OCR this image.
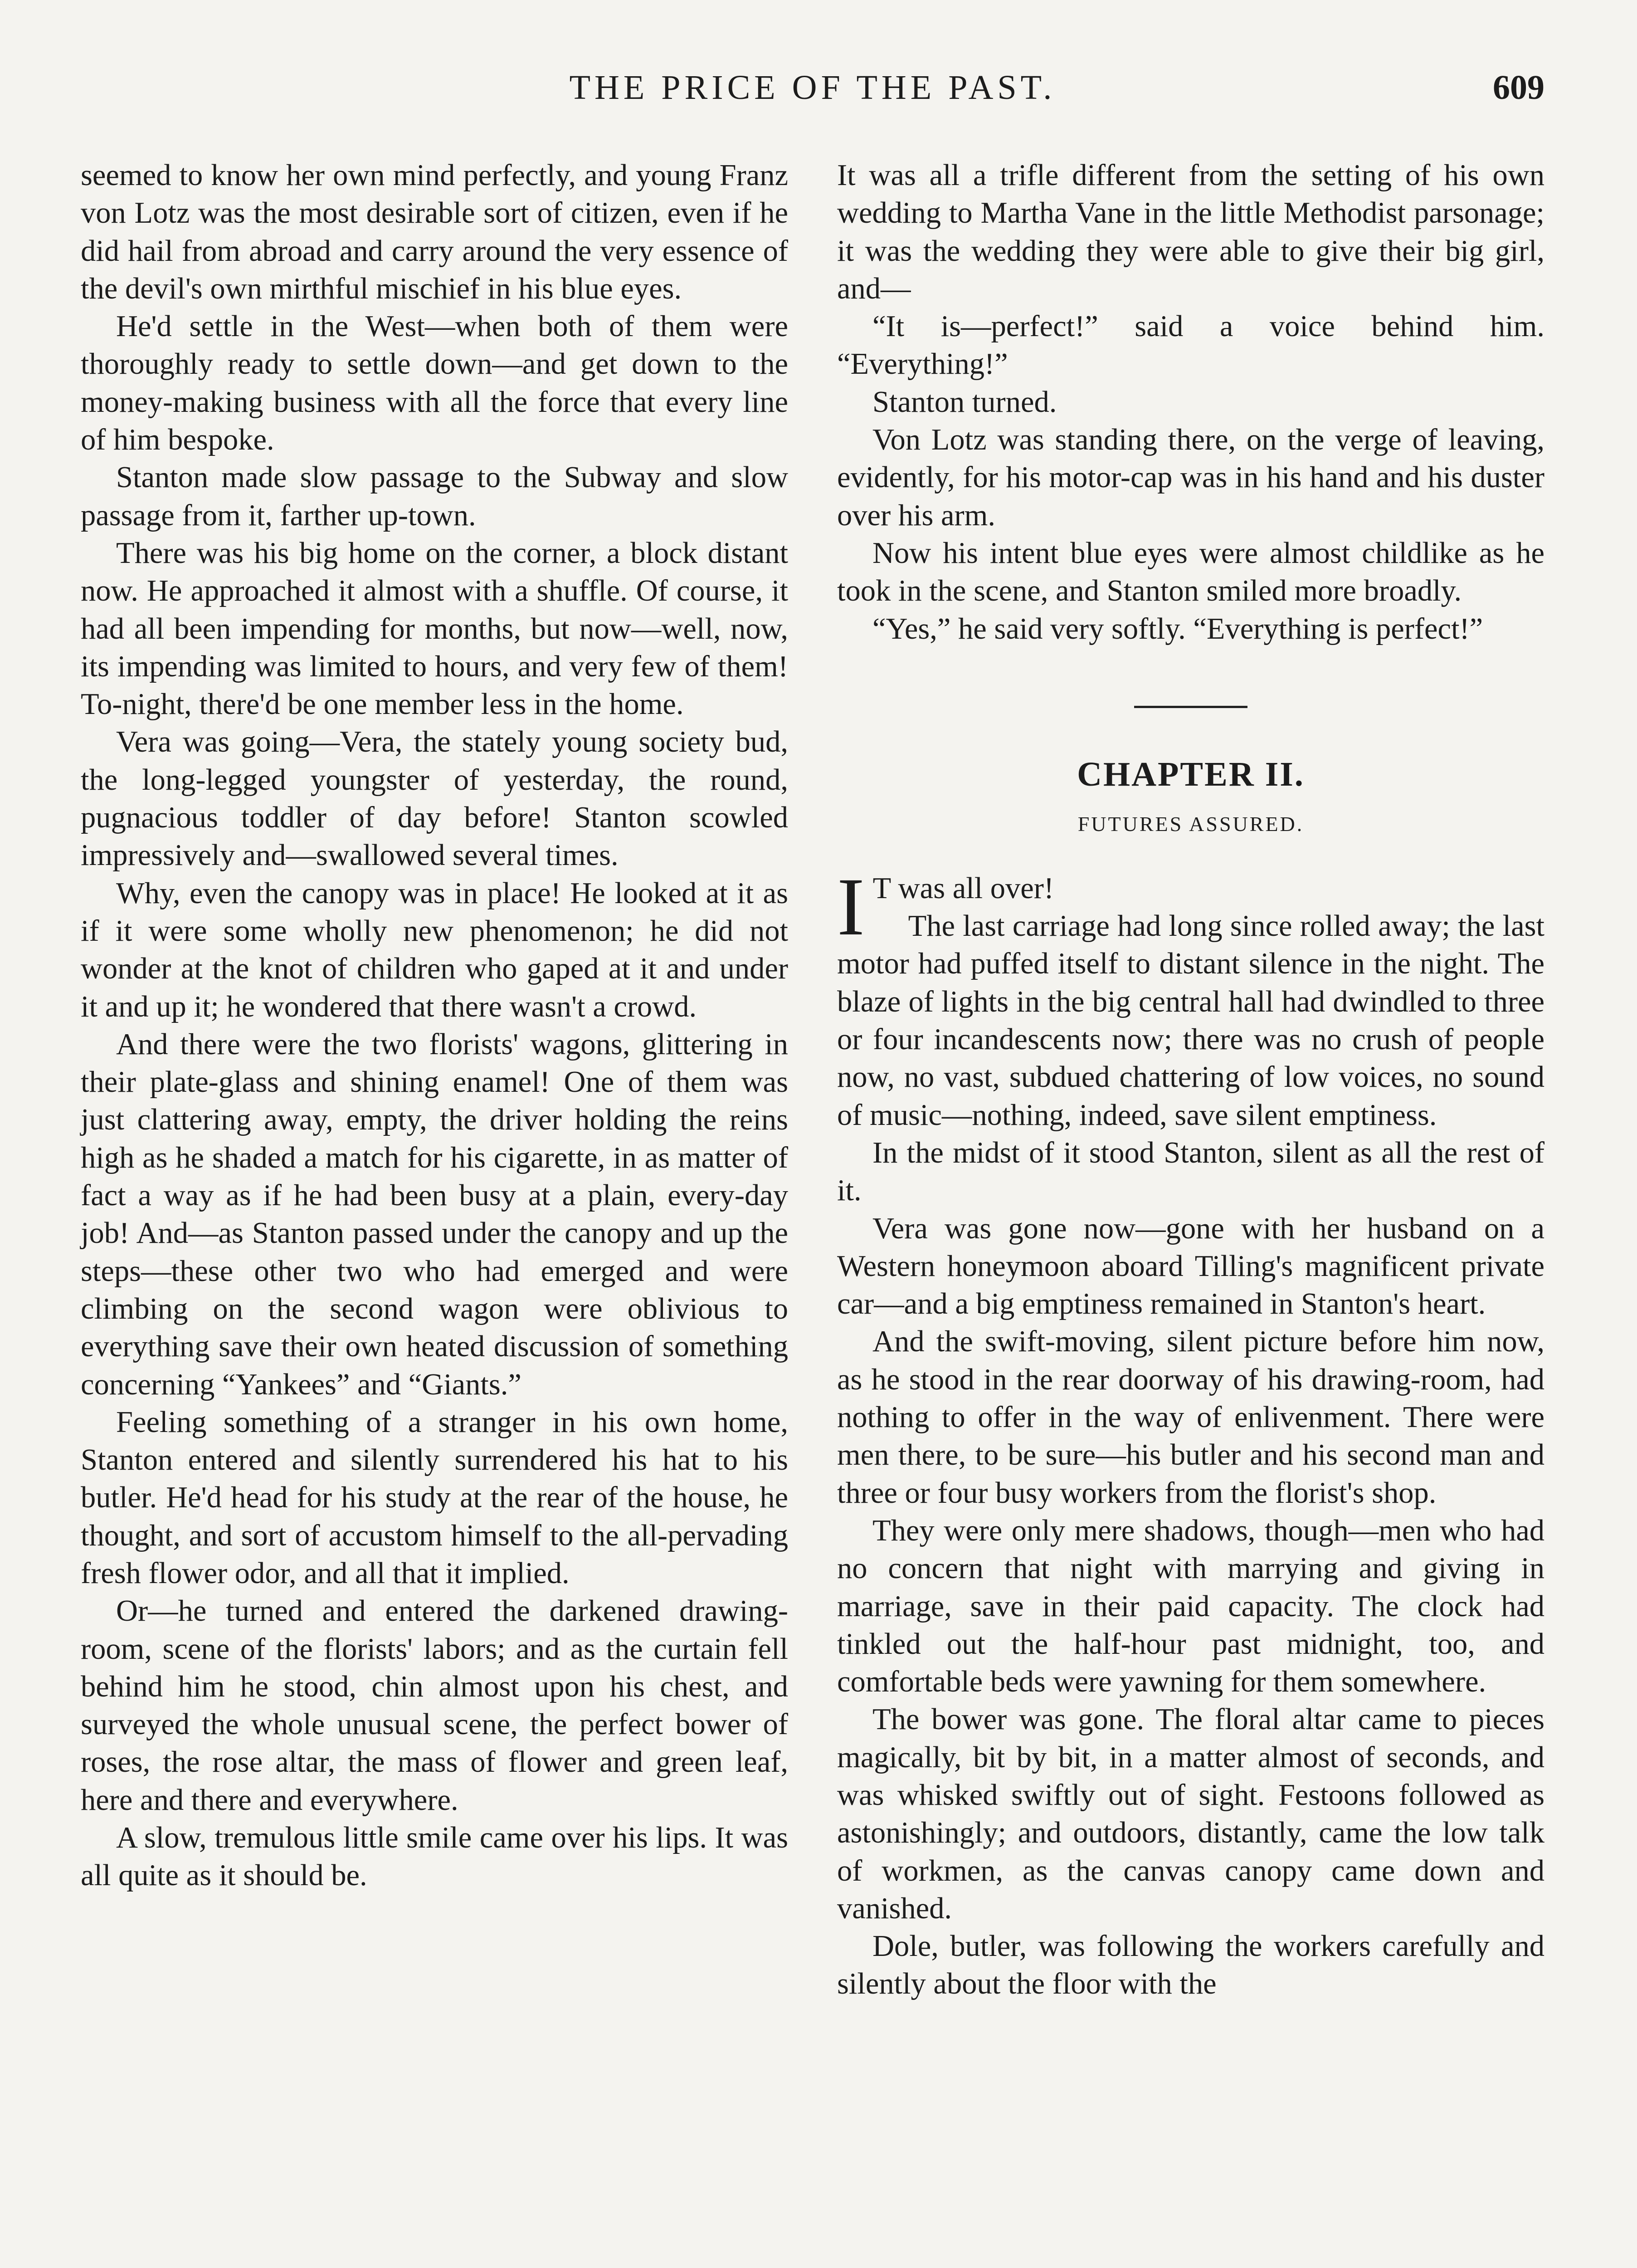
THE PRICE OF THE PAST.	609

seemed to know her own mind perfectly, and young Franz von Lotz was the most desirable sort of citizen, even if he did hail from abroad and carry around the very essence of the devil's own mirthful mischief in his blue eyes.

He'd settle in the West—when both of them were thoroughly ready to settle down—and get down to the money-making business with all the force that every line of him bespoke.

Stanton made slow passage to the Subway and slow passage from it, farther up-town.

There was his big home on the corner, a block distant now. He approached it almost with a shuffle. Of course, it had all been impending for months, but now—well, now, its impending was limited to hours, and very few of them! To-night, there'd be one member less in the home.

Vera was going—Vera, the stately young society bud, the long-legged youngster of yesterday, the round, pugnacious toddler of day before! Stanton scowled impressively and—swallowed several times.

Why, even the canopy was in place! He looked at it as if it were some wholly new phenomenon; he did not wonder at the knot of children who gaped at it and under it and up it; he wondered that there wasn't a crowd.

And there were the two florists' wagons, glittering in their plate-glass and shining enamel! One of them was just clattering away, empty, the driver holding the reins high as he shaded a match for his cigarette, in as matter of fact a way as if he had been busy at a plain, every-day job! And—as Stanton passed under the canopy and up the steps—these other two who had emerged and were climbing on the second wagon were oblivious to everything save their own heated discussion of something concerning “Yankees” and “Giants.”

Feeling something of a stranger in his own home, Stanton entered and silently surrendered his hat to his butler. He'd head for his study at the rear of the house, he thought, and sort of accustom himself to the all-pervading fresh flower odor, and all that it implied.

Or—he turned and entered the darkened drawing-room, scene of the florists' labors; and as the curtain fell behind him he stood, chin almost upon his chest, and surveyed the whole unusual scene, the perfect bower of roses, the rose altar, the mass of flower and green leaf, here and there and everywhere.

A slow, tremulous little smile came over his lips. It was all quite as it should be.

It was all a trifle different from the setting of his own wedding to Martha Vane in the little Methodist parsonage; it was the wedding they were able to give their big girl, and—

“It is—perfect!” said a voice behind him. “Everything!”

Stanton turned.

Von Lotz was standing there, on the verge of leaving, evidently, for his motor-cap was in his hand and his duster over his arm.

Now his intent blue eyes were almost childlike as he took in the scene, and Stanton smiled more broadly.

“Yes,” he said very softly. “Everything is perfect!”

CHAPTER II.
FUTURES ASSURED.

I T was all over!

The last carriage had long since rolled away; the last motor had puffed itself to distant silence in the night. The blaze of lights in the big central hall had dwindled to three or four incandescents now; there was no crush of people now, no vast, subdued chattering of low voices, no sound of music—nothing, indeed, save silent emptiness.

In the midst of it stood Stanton, silent as all the rest of it.

Vera was gone now—gone with her husband on a Western honeymoon aboard Tilling's magnificent private car—and a big emptiness remained in Stanton's heart.

And the swift-moving, silent picture before him now, as he stood in the rear doorway of his drawing-room, had nothing to offer in the way of enlivenment. There were men there, to be sure—his butler and his second man and three or four busy workers from the florist's shop.

They were only mere shadows, though—men who had no concern that night with marrying and giving in marriage, save in their paid capacity. The clock had tinkled out the half-hour past midnight, too, and comfortable beds were yawning for them somewhere.

The bower was gone. The floral altar came to pieces magically, bit by bit, in a matter almost of seconds, and was whisked swiftly out of sight. Festoons followed as astonishingly; and outdoors, distantly, came the low talk of workmen, as the canvas canopy came down and vanished.

Dole, butler, was following the workers carefully and silently about the floor with the
